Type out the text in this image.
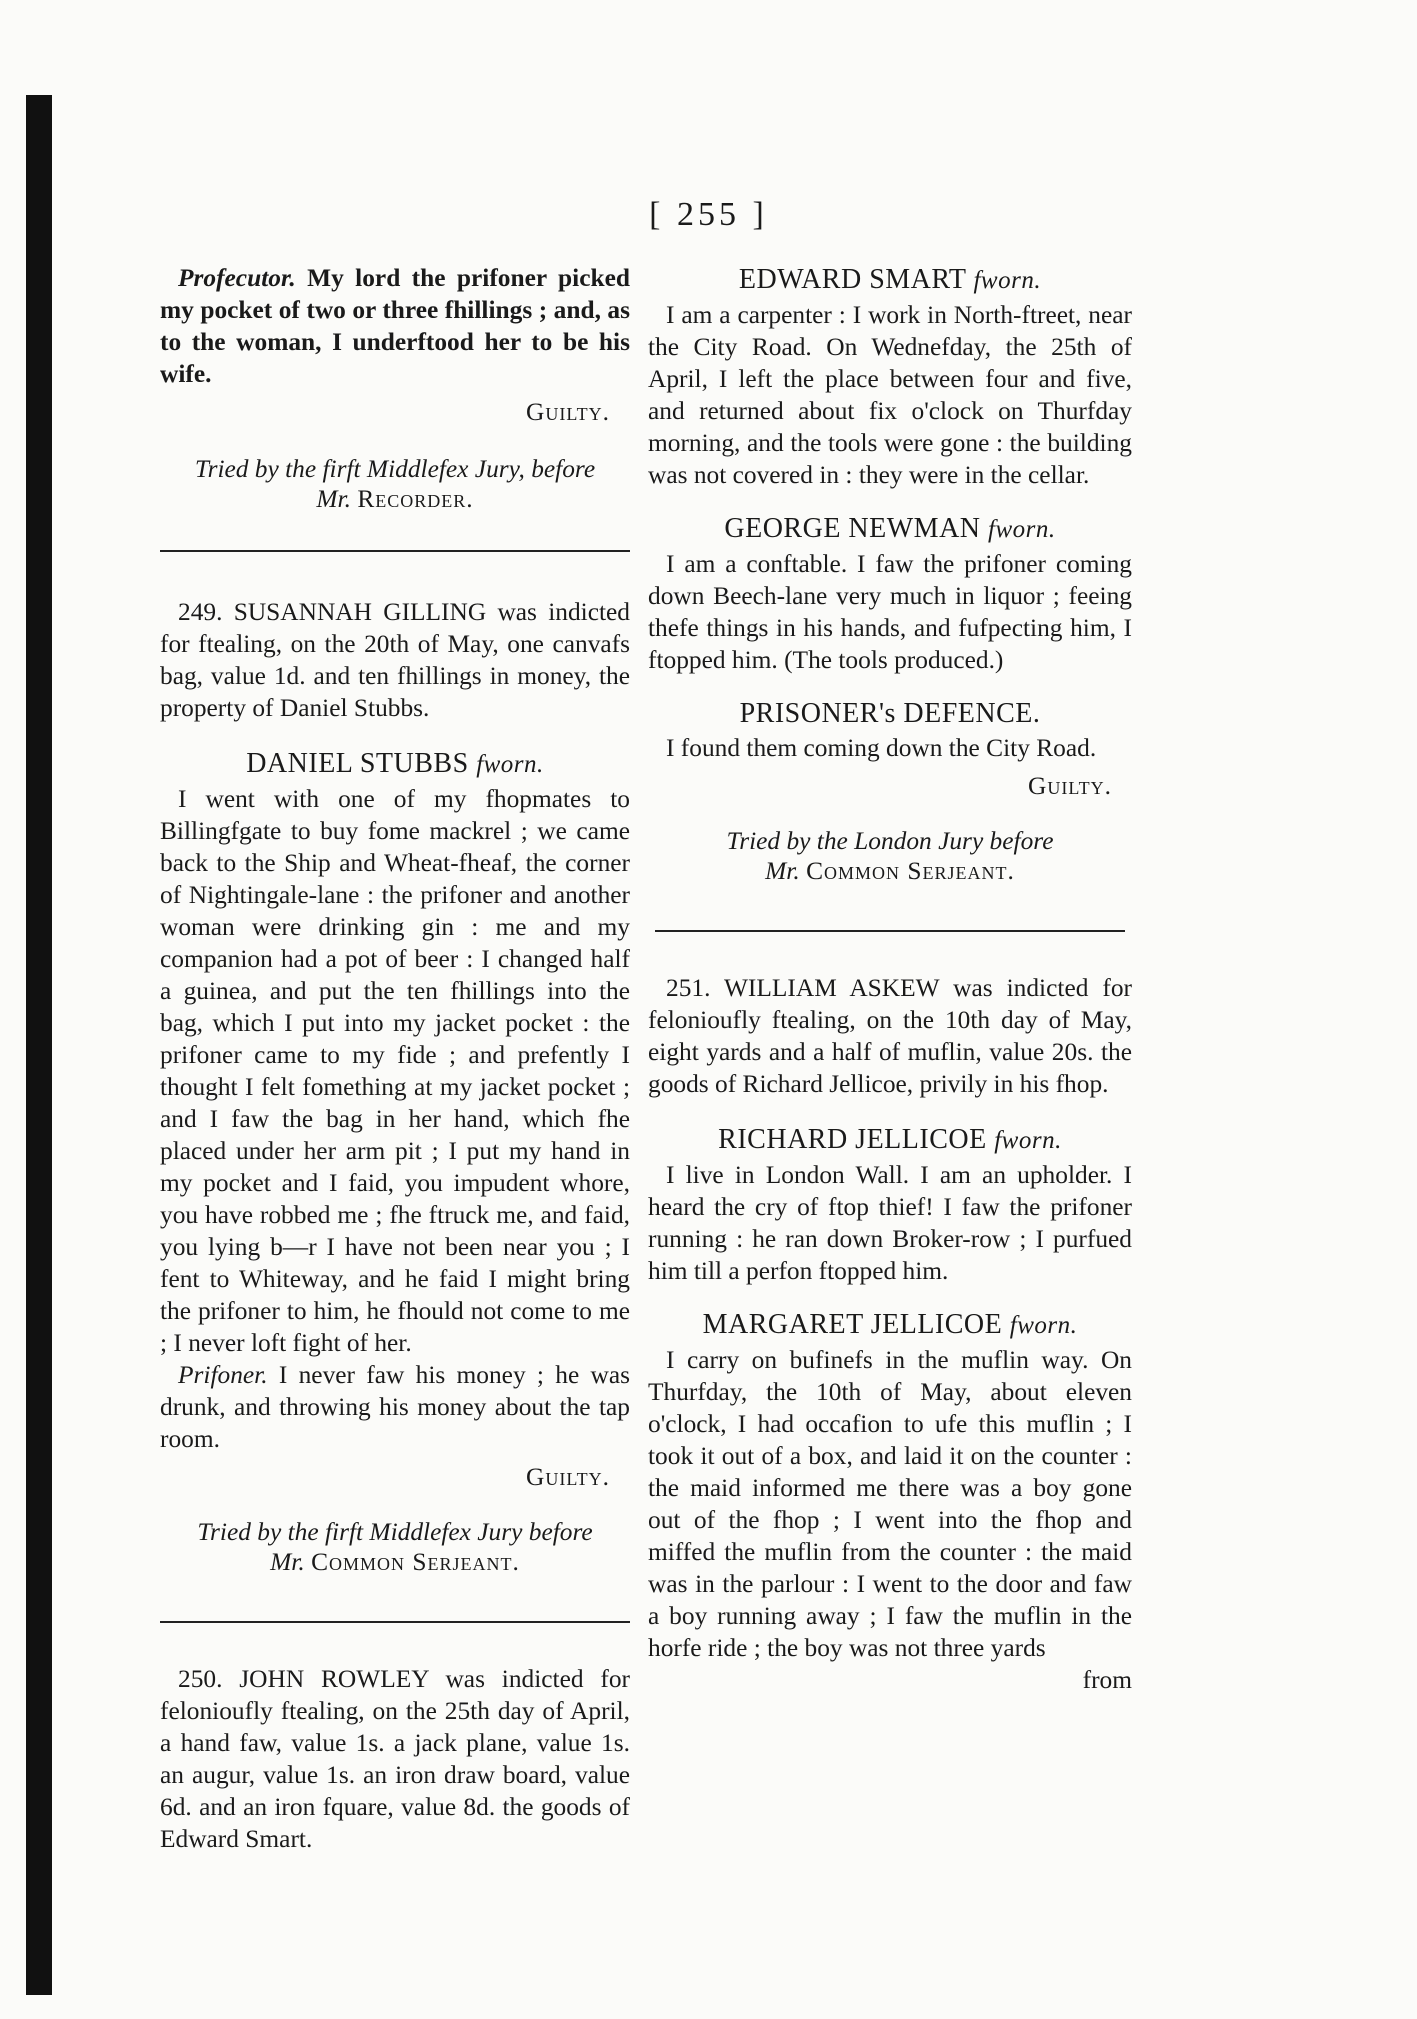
[ 255 ]

Profecutor. My lord the prifoner picked my pocket of two or three fhillings ; and, as to the woman, I underftood her to be his wife.

Guilty.

Tried by the firft Middlefex Jury, before
Mr. Recorder.

249. SUSANNAH GILLING was indicted for ftealing, on the 20th of May, one canvafs bag, value 1d. and ten fhillings in money, the property of Daniel Stubbs.

DANIEL STUBBS fworn.

I went with one of my fhopmates to Billingfgate to buy fome mackrel ; we came back to the Ship and Wheat-fheaf, the corner of Nightingale-lane : the prifoner and another woman were drinking gin : me and my companion had a pot of beer : I changed half a guinea, and put the ten fhillings into the bag, which I put into my jacket pocket : the prifoner came to my fide ; and prefently I thought I felt fomething at my jacket pocket ; and I faw the bag in her hand, which fhe placed under her arm pit ; I put my hand in my pocket and I faid, you impudent whore, you have robbed me ; fhe ftruck me, and faid, you lying b—r I have not been near you ; I fent to Whiteway, and he faid I might bring the prifoner to him, he fhould not come to me ; I never loft fight of her.

Prifoner. I never faw his money ; he was drunk, and throwing his money about the tap room.

Guilty.

Tried by the firft Middlefex Jury before
Mr. Common Serjeant.

250. JOHN ROWLEY was indicted for felonioufly ftealing, on the 25th day of April, a hand faw, value 1s. a jack plane, value 1s. an augur, value 1s. an iron draw board, value 6d. and an iron fquare, value 8d. the goods of Edward Smart.

EDWARD SMART fworn.

I am a carpenter : I work in North-ftreet, near the City Road. On Wednefday, the 25th of April, I left the place between four and five, and returned about fix o'clock on Thurfday morning, and the tools were gone : the building was not covered in : they were in the cellar.

GEORGE NEWMAN fworn.

I am a conftable. I faw the prifoner coming down Beech-lane very much in liquor ; feeing thefe things in his hands, and fufpecting him, I ftopped him. (The tools produced.)

PRISONER's DEFENCE.

I found them coming down the City Road.

Guilty.

Tried by the London Jury before
Mr. Common Serjeant.

251. WILLIAM ASKEW was indicted for felonioufly ftealing, on the 10th day of May, eight yards and a half of muflin, value 20s. the goods of Richard Jellicoe, privily in his fhop.

RICHARD JELLICOE fworn.

I live in London Wall. I am an upholder. I heard the cry of ftop thief! I faw the prifoner running : he ran down Broker-row ; I purfued him till a perfon ftopped him.

MARGARET JELLICOE fworn.

I carry on bufinefs in the muflin way. On Thurfday, the 10th of May, about eleven o'clock, I had occafion to ufe this muflin ; I took it out of a box, and laid it on the counter : the maid informed me there was a boy gone out of the fhop ; I went into the fhop and miffed the muflin from the counter : the maid was in the parlour : I went to the door and faw a boy running away ; I faw the muflin in the horfe ride ; the boy was not three yards

from
